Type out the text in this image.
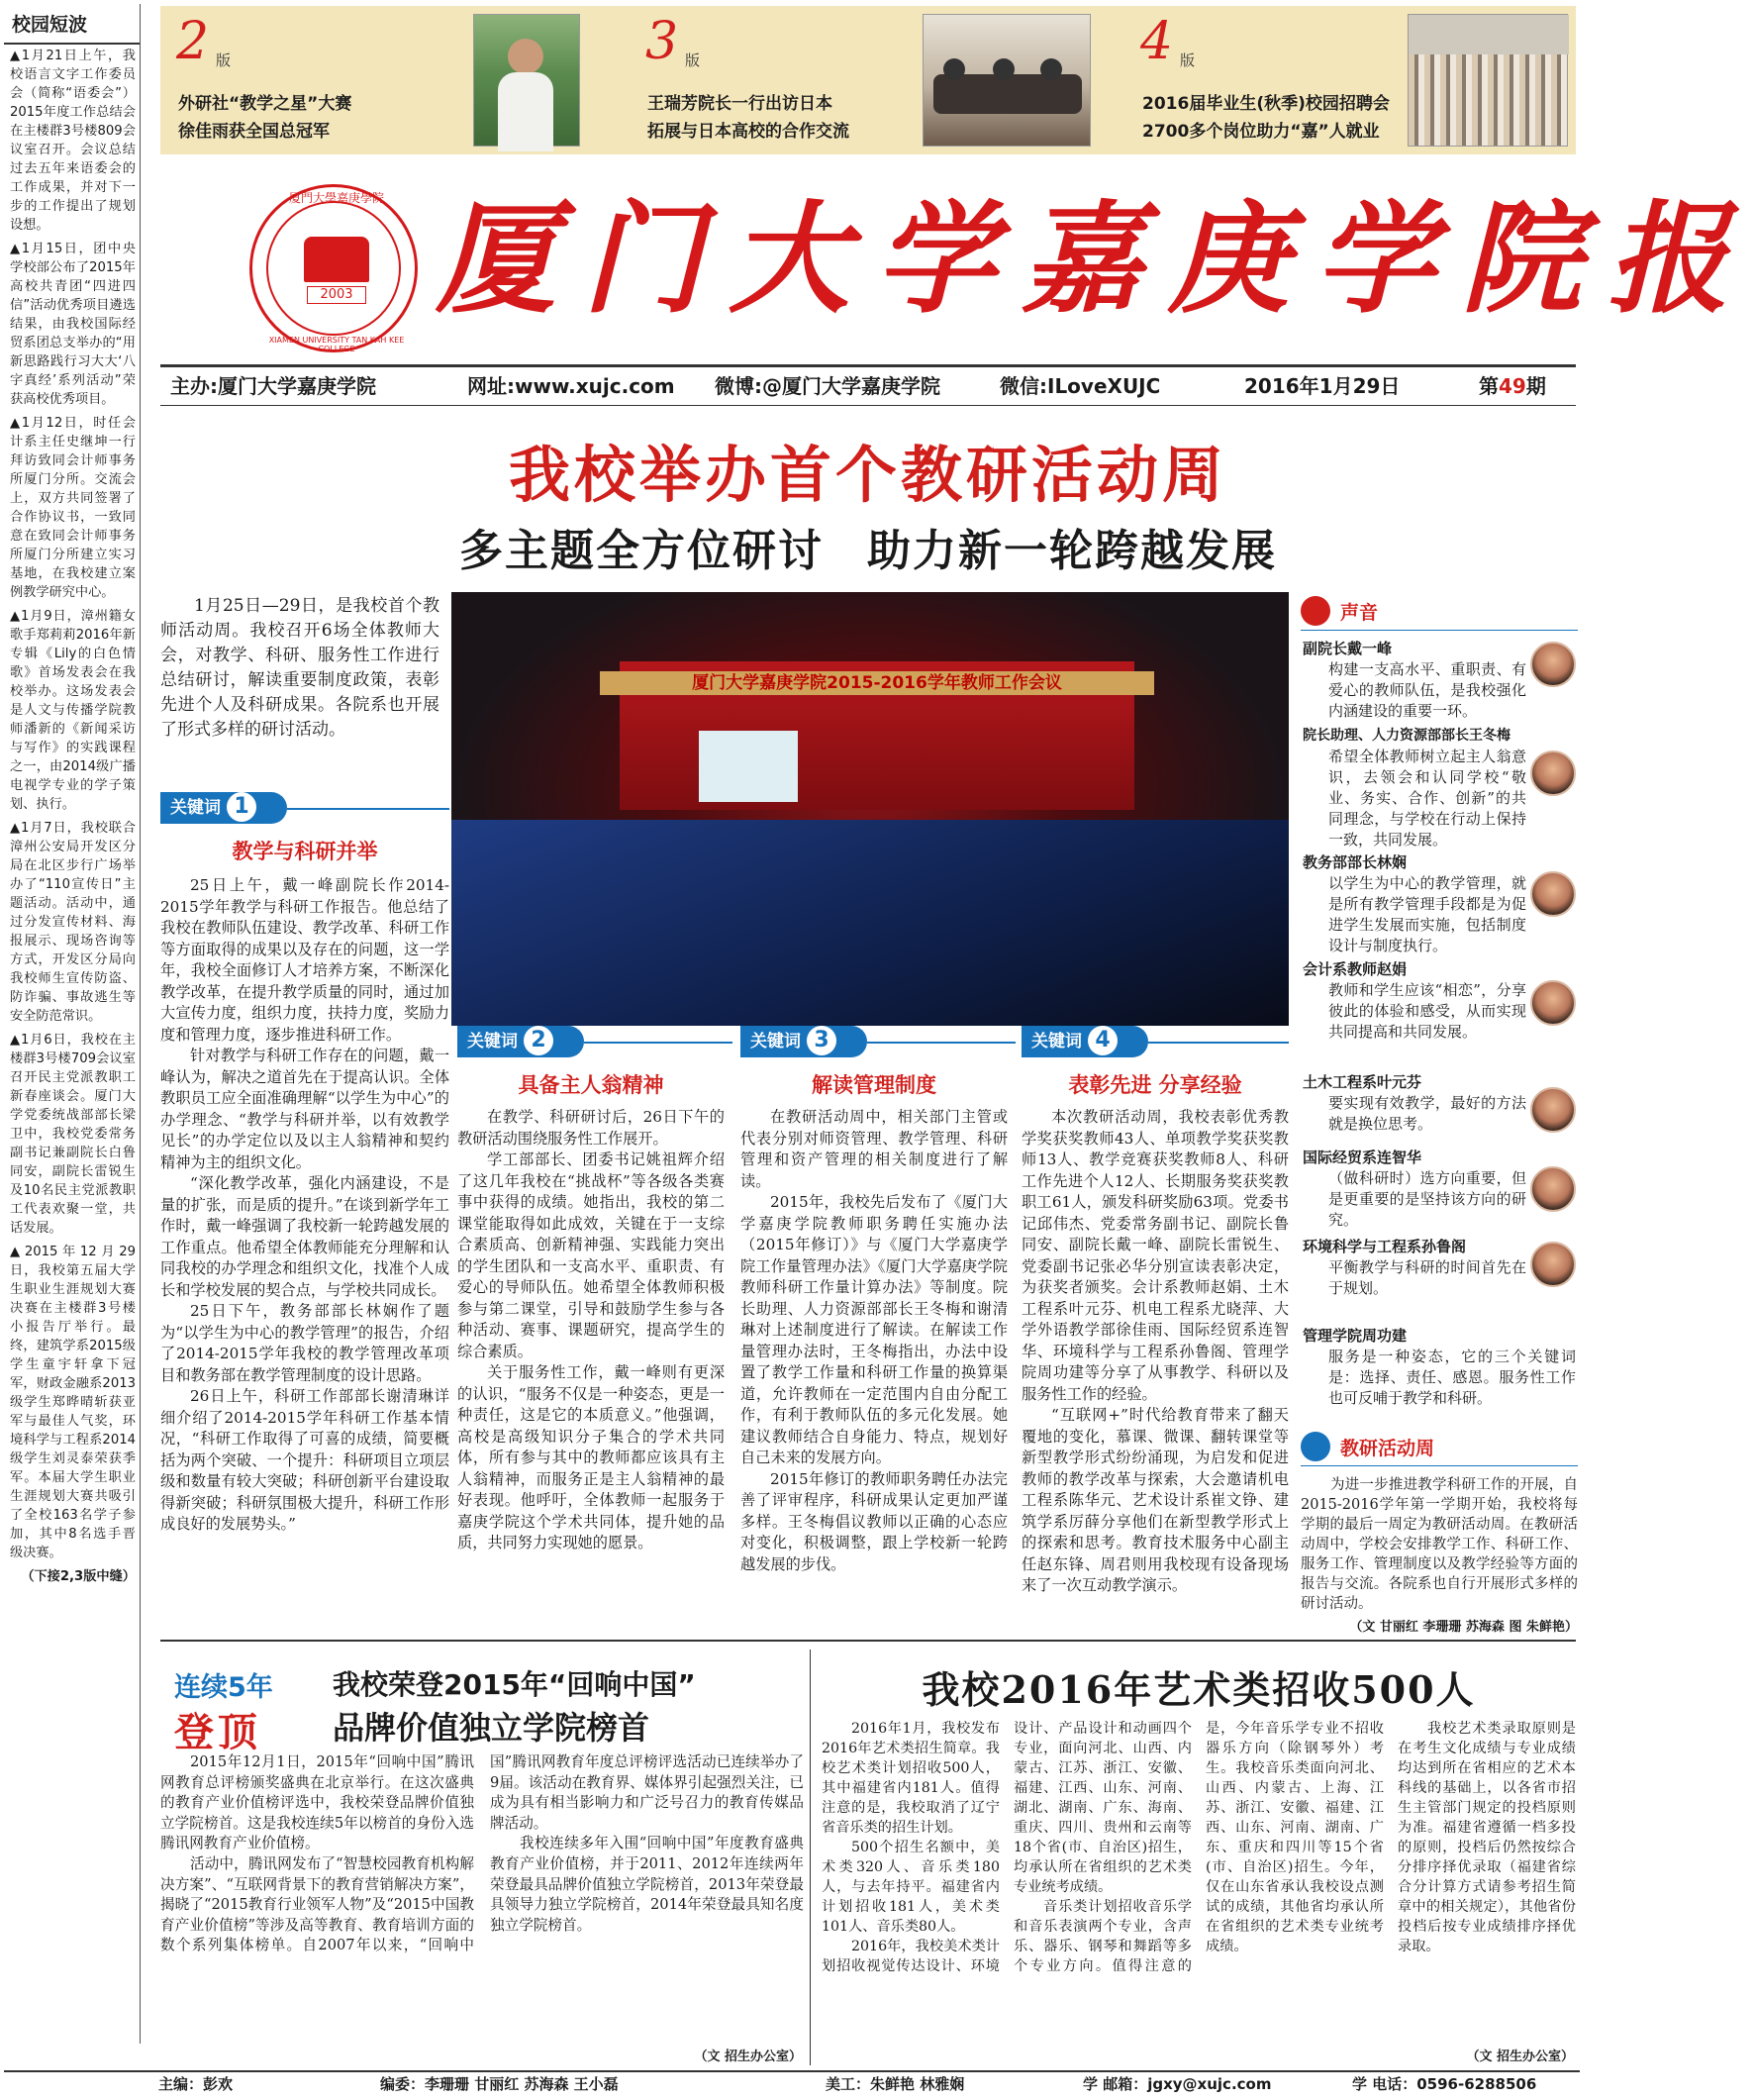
校园短波
▲1月21日上午，我校语言文字工作委员会（简称“语委会”）2015年度工作总结会在主楼群3号楼809会议室召开。会议总结过去五年来语委会的工作成果，并对下一步的工作提出了规划设想。
▲1月15日，团中央学校部公布了2015年高校共青团“四进四信”活动优秀项目遴选结果，由我校国际经贸系团总支举办的“用新思路践行习大大‘八字真经’系列活动”荣获高校优秀项目。
▲1月12日，时任会计系主任史继坤一行拜访致同会计师事务所厦门分所。交流会上，双方共同签署了合作协议书，一致同意在致同会计师事务所厦门分所建立实习基地，在我校建立案例教学研究中心。
▲1月9日，漳州籍女歌手郑莉莉2016年新专辑《Lily的白色情歌》首场发表会在我校举办。这场发表会是人文与传播学院教师潘新的《新闻采访与写作》的实践课程之一，由2014级广播电视学专业的学子策划、执行。
▲1月7日，我校联合漳州公安局开发区分局在北区步行广场举办了“110宣传日”主题活动。活动中，通过分发宣传材料、海报展示、现场咨询等方式，开发区分局向我校师生宣传防盗、防诈骗、事故逃生等安全防范常识。
▲1月6日，我校在主楼群3号楼709会议室召开民主党派教职工新春座谈会。厦门大学党委统战部部长梁卫中，我校党委常务副书记兼副院长白鲁同安，副院长雷锐生及10名民主党派教职工代表欢聚一堂，共话发展。
▲2015年12月29日，我校第五届大学生职业生涯规划大赛决赛在主楼群3号楼小报告厅举行。最终，建筑学系2015级学生童宇轩拿下冠军，财政金融系2013级学生郑晔晴斩获亚军与最佳人气奖，环境科学与工程系2014级学生刘灵泰荣获季军。本届大学生职业生涯规划大赛共吸引了全校163名学子参加，其中8名选手晋级决赛。
（下接2,3版中缝）
2 版
外研社“教学之星”大赛
徐佳雨获全国总冠军
3 版
王瑞芳院长一行出访日本
拓展与日本高校的合作交流
4 版
2016届毕业生(秋季)校园招聘会
2700多个岗位助力“嘉”人就业
厦門大學嘉庚學院
2003
XIAMEN UNIVERSITY TAN KAH KEE COLLEGE
厦门大学嘉庚学院报
主办:厦门大学嘉庚学院	网址:www.xujc.com 微博:@厦门大学嘉庚学院	微信:ILoveXUJC	2016年1月29日	第49期
我校举办首个教研活动周
多主题全方位研讨 助力新一轮跨越发展
1月25日—29日，是我校首个教师活动周。我校召开6场全体教师大会，对教学、科研、服务性工作进行总结研讨，解读重要制度政策，表彰先进个人及科研成果。各院系也开展了形式多样的研讨活动。
厦门大学嘉庚学院2015-2016学年教师工作会议
关键词 1
教学与科研并举

25日上午，戴一峰副院长作2014-2015学年教学与科研工作报告。他总结了我校在教师队伍建设、教学改革、科研工作等方面取得的成果以及存在的问题，这一学年，我校全面修订人才培养方案，不断深化教学改革，在提升教学质量的同时，通过加大宣传力度，组织力度，扶持力度，奖励力度和管理力度，逐步推进科研工作。

针对教学与科研工作存在的问题，戴一峰认为，解决之道首先在于提高认识。全体教职员工应全面准确理解“以学生为中心”的办学理念、“教学与科研并举，以有效教学见长”的办学定位以及以主人翁精神和契约精神为主的组织文化。

“深化教学改革，强化内涵建设，不是量的扩张，而是质的提升。”在谈到新学年工作时，戴一峰强调了我校新一轮跨越发展的工作重点。他希望全体教师能充分理解和认同我校的办学理念和组织文化，找准个人成长和学校发展的契合点，与学校共同成长。

25日下午，教务部部长林娴作了题为“以学生为中心的教学管理”的报告，介绍了2014-2015学年我校的教学管理改革项目和教务部在教学管理制度的设计思路。

26日上午，科研工作部部长谢清琳详细介绍了2014-2015学年科研工作基本情况，“科研工作取得了可喜的成绩，简要概括为两个突破、一个提升：科研项目立项层级和数量有较大突破；科研创新平台建设取得新突破；科研氛围极大提升，科研工作形成良好的发展势头。”

关键词 2
具备主人翁精神

在教学、科研研讨后，26日下午的教研活动围绕服务性工作展开。

学工部部长、团委书记姚祖辉介绍了这几年我校在“挑战杯”等各级各类赛事中获得的成绩。她指出，我校的第二课堂能取得如此成效，关键在于一支综合素质高、创新精神强、实践能力突出的学生团队和一支高水平、重职责、有爱心的导师队伍。她希望全体教师积极参与第二课堂，引导和鼓励学生参与各种活动、赛事、课题研究，提高学生的综合素质。

关于服务性工作，戴一峰则有更深的认识，“服务不仅是一种姿态，更是一种责任，这是它的本质意义。”他强调，高校是高级知识分子集合的学术共同体，所有参与其中的教师都应该具有主人翁精神，而服务正是主人翁精神的最好表现。他呼吁，全体教师一起服务于嘉庚学院这个学术共同体，提升她的品质，共同努力实现她的愿景。

关键词 3
解读管理制度

在教研活动周中，相关部门主管或代表分别对师资管理、教学管理、科研管理和资产管理的相关制度进行了解读。

2015年，我校先后发布了《厦门大学嘉庚学院教师职务聘任实施办法（2015年修订）》与《厦门大学嘉庚学院工作量管理办法》《厦门大学嘉庚学院教师科研工作量计算办法》等制度。院长助理、人力资源部部长王冬梅和谢清琳对上述制度进行了解读。在解读工作量管理办法时，王冬梅指出，办法中设置了教学工作量和科研工作量的换算渠道，允许教师在一定范围内自由分配工作，有利于教师队伍的多元化发展。她建议教师结合自身能力、特点，规划好自己未来的发展方向。

2015年修订的教师职务聘任办法完善了评审程序，科研成果认定更加严谨多样。王冬梅倡议教师以正确的心态应对变化，积极调整，跟上学校新一轮跨越发展的步伐。

关键词 4
表彰先进 分享经验

本次教研活动周，我校表彰优秀教学奖获奖教师43人、单项教学奖获奖教师13人、教学竞赛获奖教师8人、科研工作先进个人12人、长期服务奖获奖教职工61人，颁发科研奖励63项。党委书记邱伟杰、党委常务副书记、副院长鲁同安、副院长戴一峰、副院长雷锐生、党委副书记张必华分别宣读表彰决定，为获奖者颁奖。会计系教师赵娟、土木工程系叶元芬、机电工程系尤晓萍、大学外语教学部徐佳雨、国际经贸系连智华、环境科学与工程系孙鲁阁、管理学院周功建等分享了从事教学、科研以及服务性工作的经验。

“互联网+”时代给教育带来了翻天覆地的变化，慕课、微课、翻转课堂等新型教学形式纷纷涌现，为启发和促进教师的教学改革与探索，大会邀请机电工程系陈华元、艺术设计系崔文铮、建筑学系厉薛分享他们在新型教学形式上的探索和思考。教育技术服务中心副主任赵东锋、周君则用我校现有设备现场来了一次互动教学演示。

声音
副院长戴一峰
构建一支高水平、重职责、有爱心的教师队伍，是我校强化内涵建设的重要一环。
院长助理、人力资源部部长王冬梅
希望全体教师树立起主人翁意识，去领会和认同学校“敬业、务实、合作、创新”的共同理念，与学校在行动上保持一致，共同发展。
教务部部长林娴
以学生为中心的教学管理，就是所有教学管理手段都是为促进学生发展而实施，包括制度设计与制度执行。
会计系教师赵娟
教师和学生应该“相恋”，分享彼此的体验和感受，从而实现共同提高和共同发展。
土木工程系叶元芬
要实现有效教学，最好的方法就是换位思考。
国际经贸系连智华
（做科研时）选方向重要，但是更重要的是坚持该方向的研究。
环境科学与工程系孙鲁阁
平衡教学与科研的时间首先在于规划。
管理学院周功建
服务是一种姿态，它的三个关键词是：选择、责任、感恩。服务性工作也可反哺于教学和科研。
教研活动周
为进一步推进教学科研工作的开展，自2015-2016学年第一学期开始，我校将每学期的最后一周定为教研活动周。在教研活动周中，学校会安排教学工作、科研工作、服务工作、管理制度以及教学经验等方面的报告与交流。各院系也自行开展形式多样的研讨活动。
（文 甘丽红 李珊珊 苏海森 图 朱鲜艳）
连续5年
登顶
我校荣登2015年“回响中国”
品牌价值独立学院榜首

2015年12月1日，2015年“回响中国”腾讯网教育总评榜颁奖盛典在北京举行。在这次盛典的教育产业价值榜评选中，我校荣登品牌价值独立学院榜首。这是我校连续5年以榜首的身份入选腾讯网教育产业价值榜。

活动中，腾讯网发布了“智慧校园教育机构解决方案”、“互联网背景下的教育营销解决方案”，揭晓了“2015教育行业领军人物”及“2015中国教育产业价值榜”等涉及高等教育、教育培训方面的数个系列集体榜单。自2007年以来，“回响中国”腾讯网教育年度总评榜评选活动已连续举办了9届。该活动在教育界、媒体界引起强烈关注，已成为具有相当影响力和广泛号召力的教育传媒品牌活动。

我校连续多年入围“回响中国”年度教育盛典教育产业价值榜，并于2011、2012年连续两年荣登最具品牌价值独立学院榜首，2013年荣登最具领导力独立学院榜首，2014年荣登最具知名度独立学院榜首。

（文 招生办公室）
我校2016年艺术类招收500人

2016年1月，我校发布2016年艺术类招生简章。我校艺术类计划招收500人，其中福建省内181人。值得注意的是，我校取消了辽宁省音乐类的招生计划。

500个招生名额中，美术类320人、音乐类180人，与去年持平。福建省内计划招收181人，美术类101人、音乐类80人。

2016年，我校美术类计划招收视觉传达设计、环境设计、产品设计和动画四个专业，面向河北、山西、内蒙古、江苏、浙江、安徽、福建、江西、山东、河南、湖北、湖南、广东、海南、重庆、四川、贵州和云南等18个省(市、自治区)招生，均承认所在省组织的艺术类专业统考成绩。

音乐类计划招收音乐学和音乐表演两个专业，含声乐、器乐、钢琴和舞蹈等多个专业方向。值得注意的是，今年音乐学专业不招收器乐方向（除钢琴外）考生。我校音乐类面向河北、山西、内蒙古、上海、江苏、浙江、安徽、福建、江西、山东、河南、湖南、广东、重庆和四川等15个省(市、自治区)招生。今年，仅在山东省承认我校设点测试的成绩，其他省均承认所在省组织的艺术类专业统考成绩。

我校艺术类录取原则是在考生文化成绩与专业成绩均达到所在省相应的艺术本科线的基础上，以各省市招生主管部门规定的投档原则为准。福建省遵循一档多投的原则，投档后仍然按综合分排序择优录取（福建省综合分计算方式请参考招生简章中的相关规定），其他省份投档后按专业成绩排序择优录取。

（文 招生办公室）
主编：彭欢	编委：李珊珊 甘丽红 苏海森 王小磊	美工：朱鲜艳 林雅娴	学 邮箱：jgxy@xujc.com	学 电话：0596-6288506
